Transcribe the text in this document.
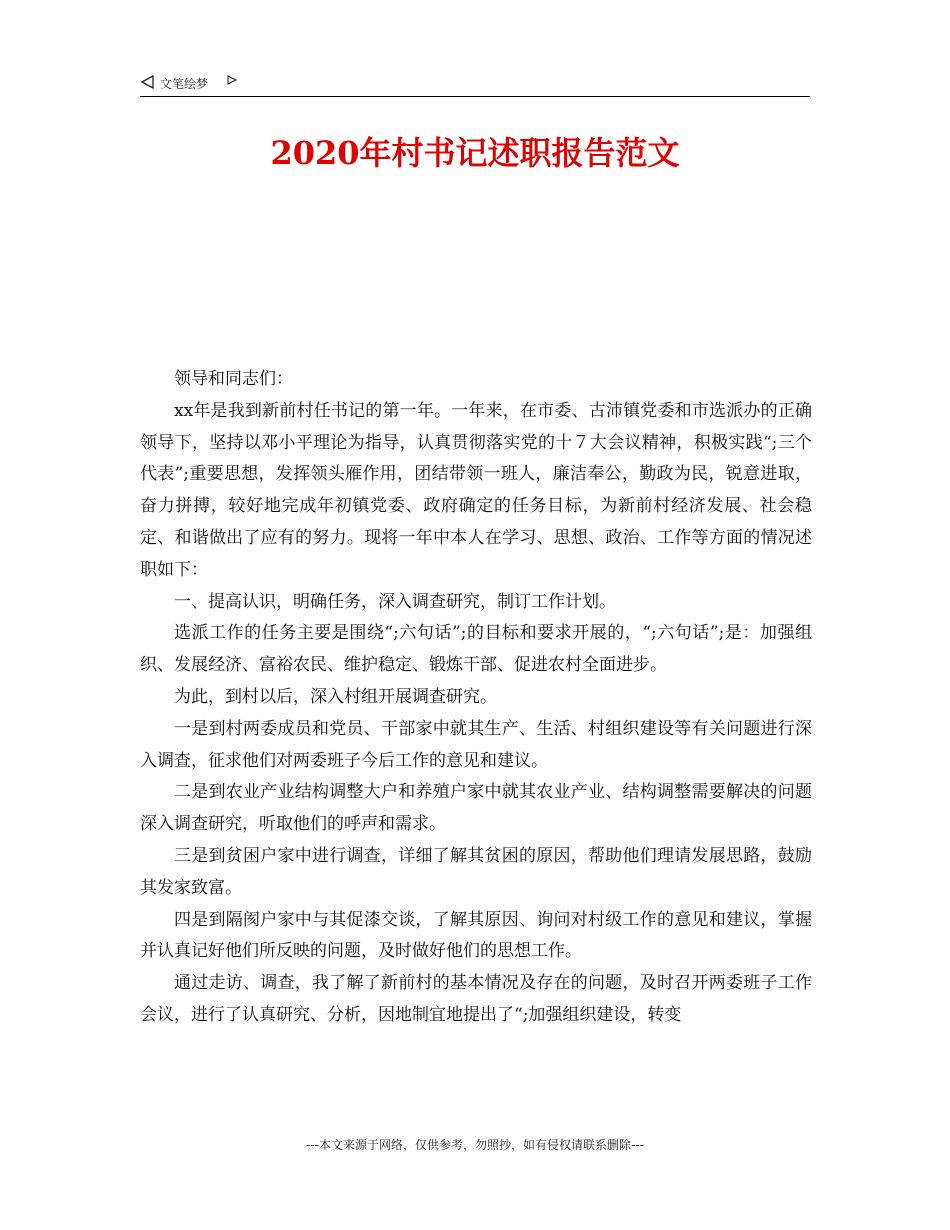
文笔绘梦
2020年村书记述职报告范文

领导和同志们：

xx年是我到新前村任书记的第一年。一年来，在市委、古沛镇党委和市选派办的正确领导下，坚持以邓小平理论为指导，认真贯彻落实党的十７大会议精神，积极实践“;三个代表”;重要思想，发挥领头雁作用，团结带领一班人，廉洁奉公，勤政为民，锐意进取，奋力拼搏，较好地完成年初镇党委、政府确定的任务目标，为新前村经济发展、社会稳定、和谐做出了应有的努力。现将一年中本人在学习、思想、政治、工作等方面的情况述职如下：

一、提高认识，明确任务，深入调查研究，制订工作计划。

选派工作的任务主要是围绕“;六句话”;的目标和要求开展的，“;六句话”;是：加强组织、发展经济、富裕农民、维护稳定、锻炼干部、促进农村全面进步。

为此，到村以后，深入村组开展调查研究。

一是到村两委成员和党员、干部家中就其生产、生活、村组织建设等有关问题进行深入调查，征求他们对两委班子今后工作的意见和建议。

二是到农业产业结构调整大户和养殖户家中就其农业产业、结构调整需要解决的问题深入调查研究，听取他们的呼声和需求。

三是到贫困户家中进行调查，详细了解其贫困的原因，帮助他们理请发展思路，鼓励其发家致富。

四是到隔阂户家中与其促漆交谈，了解其原因、询问对村级工作的意见和建议，掌握并认真记好他们所反映的问题，及时做好他们的思想工作。

通过走访、调查，我了解了新前村的基本情况及存在的问题，及时召开两委班子工作会议，进行了认真研究、分析，因地制宜地提出了“;加强组织建设，转变

---本文来源于网络，仅供参考，勿照抄，如有侵权请联系删除---
